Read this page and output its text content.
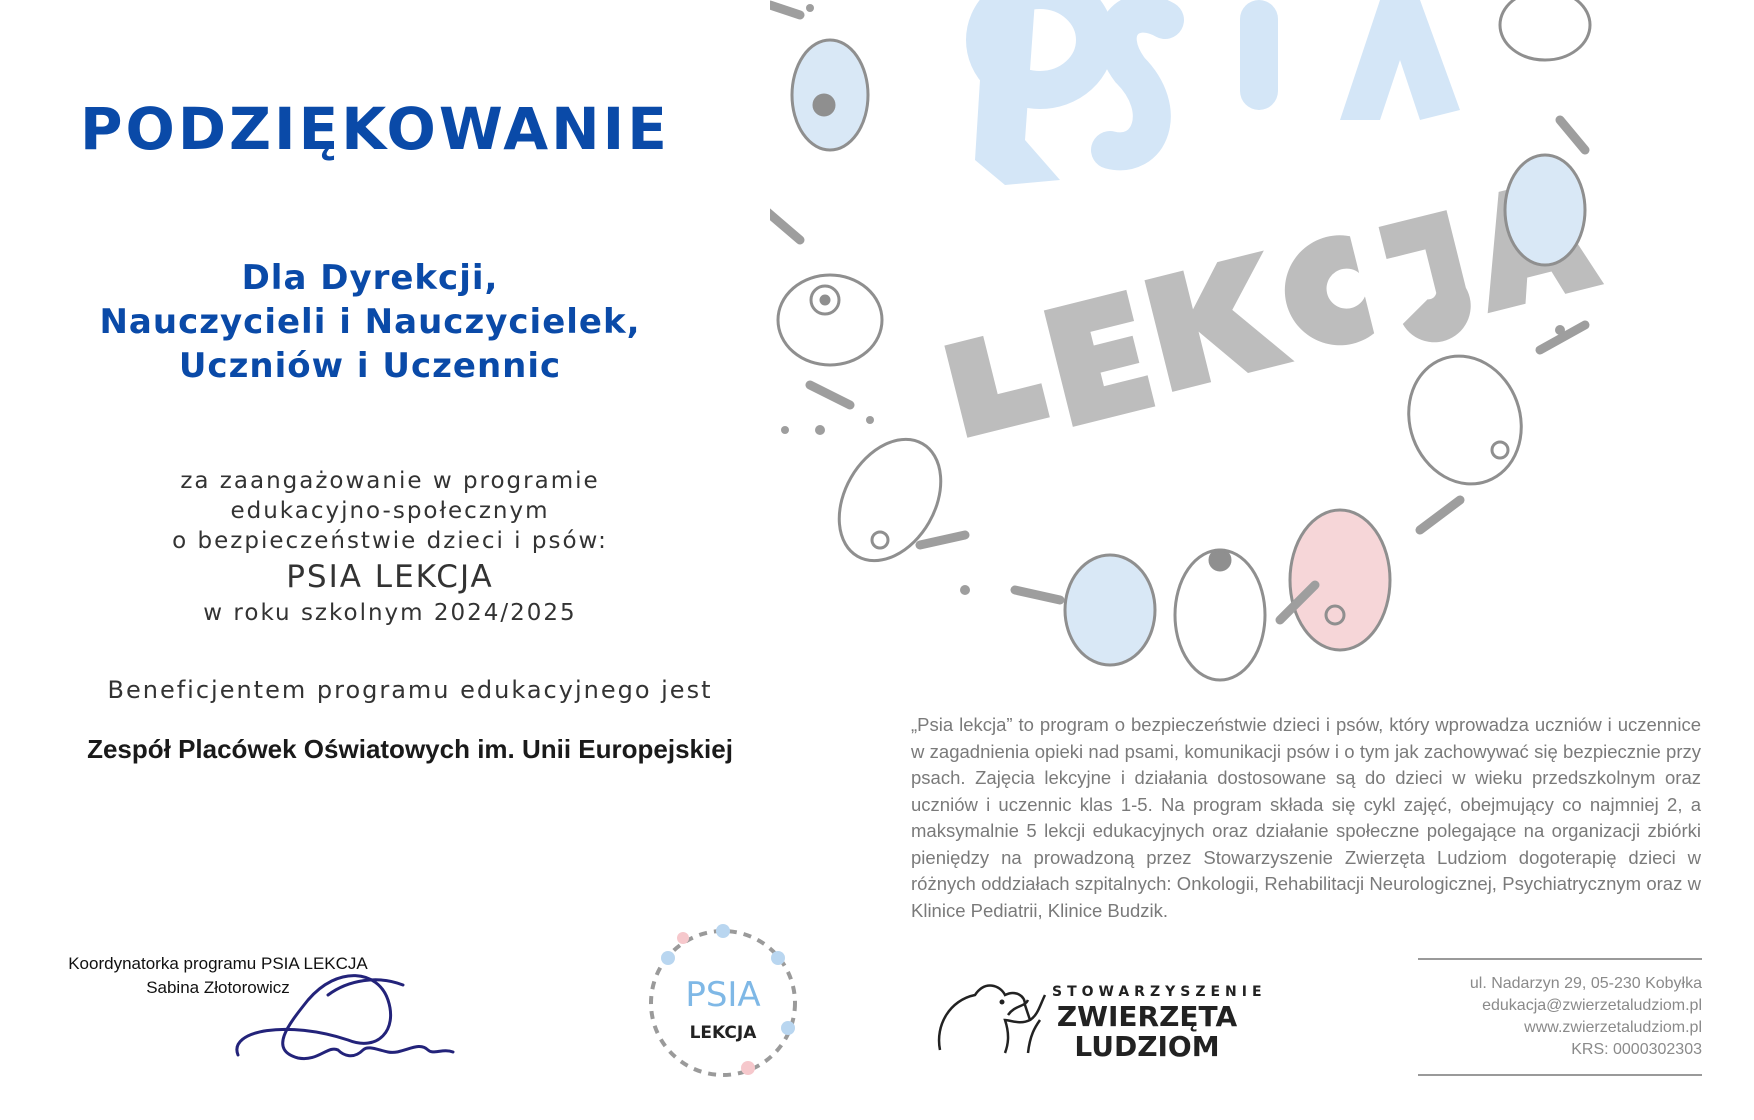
PODZIĘKOWANIE
Dla Dyrekcji,
Nauczycieli i Nauczycielek,
Uczniów i Uczennic
za zaangażowanie w programie
edukacyjno-społecznym
o bezpieczeństwie dzieci i psów:
PSIA LEKCJA
w roku szkolnym 2024/2025
Beneficjentem programu edukacyjnego jest
Zespół Placówek Oświatowych im. Unii Europejskiej
Koordynatorka programu PSIA LEKCJA
Sabina Złotorowicz	PSIA
LEKCJA
STOWARZYSZENIE
ZWIERZĘTA
LUDZIOM
„Psia lekcja” to program o bezpieczeństwie dzieci i psów, który wprowadza uczniów i uczennice w zagadnienia opieki nad psami, komunikacji psów i o tym jak zachowywać się bezpiecznie przy psach. Zajęcia lekcyjne i działania dostosowane są do dzieci w wieku przedszkolnym oraz uczniów i uczennic klas 1-5. Na program składa się cykl zajęć, obejmujący co najmniej 2, a maksymalnie 5 lekcji edukacyjnych oraz działanie społeczne polegające na organizacji zbiórki pieniędzy na prowadzoną przez Stowarzyszenie Zwierzęta Ludziom dogoterapię dzieci w różnych oddziałach szpitalnych: Onkologii, Rehabilitacji Neurologicznej, Psychiatrycznym oraz w Klinice Pediatrii, Klinice Budzik.
ul. Nadarzyn 29, 05-230 Kobyłka
edukacja@zwierzetaludziom.pl
www.zwierzetaludziom.pl
KRS: 0000302303
